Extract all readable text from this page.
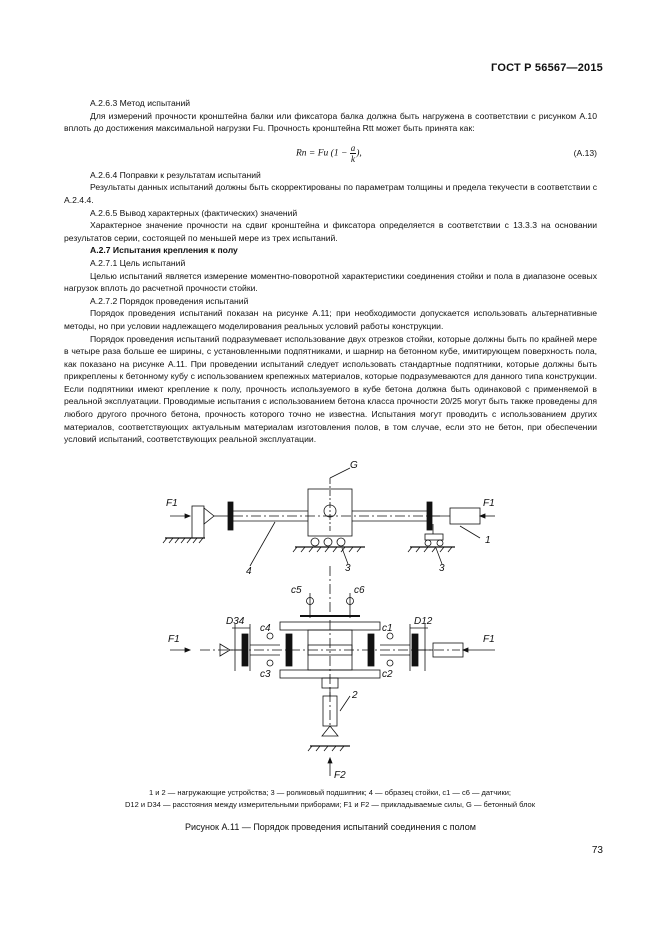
ГОСТ Р 56567—2015

А.2.6.3 Метод испытаний

Для измерений прочности кронштейна балки или фиксатора балка должна быть нагружена в соответствии с рисунком А.10 вплоть до достижения максимальной нагрузки Fu. Прочность кронштейна Rtt может быть принята как:

Rn = Fu ($1 - \frac{a}{k}$ ),	(А.13)

А.2.6.4 Поправки к результатам испытаний

Результаты данных испытаний должны быть скорректированы по параметрам толщины и предела текучести в соответствии с А.2.4.4.

А.2.6.5 Вывод характерных (фактических) значений

Характерное значение прочности на сдвиг кронштейна и фиксатора определяется в соответствии с 13.3.3 на основании результатов серии, состоящей по меньшей мере из трех испытаний.

А.2.7 Испытания крепления к полу

А.2.7.1 Цель испытаний

Целью испытаний является измерение моментно-поворотной характеристики соединения стойки и пола в диапазоне осевых нагрузок вплоть до расчетной прочности стойки.

А.2.7.2 Порядок проведения испытаний

Порядок проведения испытаний показан на рисунке А.11; при необходимости допускается использовать альтернативные методы, но при условии надлежащего моделирования реальных условий работы конструкции.

Порядок проведения испытаний подразумевает использование двух отрезков стойки, которые должны быть по крайней мере в четыре раза больше ее ширины, с установленными подпятниками, и шарнир на бетонном кубе, имитирующем поверхность пола, как показано на рисунке А.11. При проведении испытаний следует использовать стандартные подпятники, которые должны быть прикреплены к бетонному кубу с использованием крепежных материалов, которые подразумеваются для данного типа конструкции. Если подпятники имеют крепление к полу, прочность используемого в кубе бетона должна быть одинаковой с применяемой в реальной эксплуатации. Проводимые испытания с использованием бетона класса прочности 20/25 могут быть также проведены для любого другого прочного бетона, прочность которого точно не известна. Испытания могут проводить с использованием других материалов, соответствующих актуальным материалам изготовления полов, в том случае, если это не бетон, при обеспечении условий испытаний, соответствующих реальной эксплуатации.

G
F1	F1
4	3	3
1
c5	c6
c4	c1
c3	c2
D34	D12
F1	F1
2
F2
1 и 2 — нагружающие устройства; 3 — роликовый подшипник; 4 — образец стойки, c1 — c6 — датчики;
D12 и D34 — расстояния между измерительными приборами; F1 и F2 — прикладываемые силы, G — бетонный блок
Рисунок А.11 — Порядок проведения испытаний соединения с полом
73
